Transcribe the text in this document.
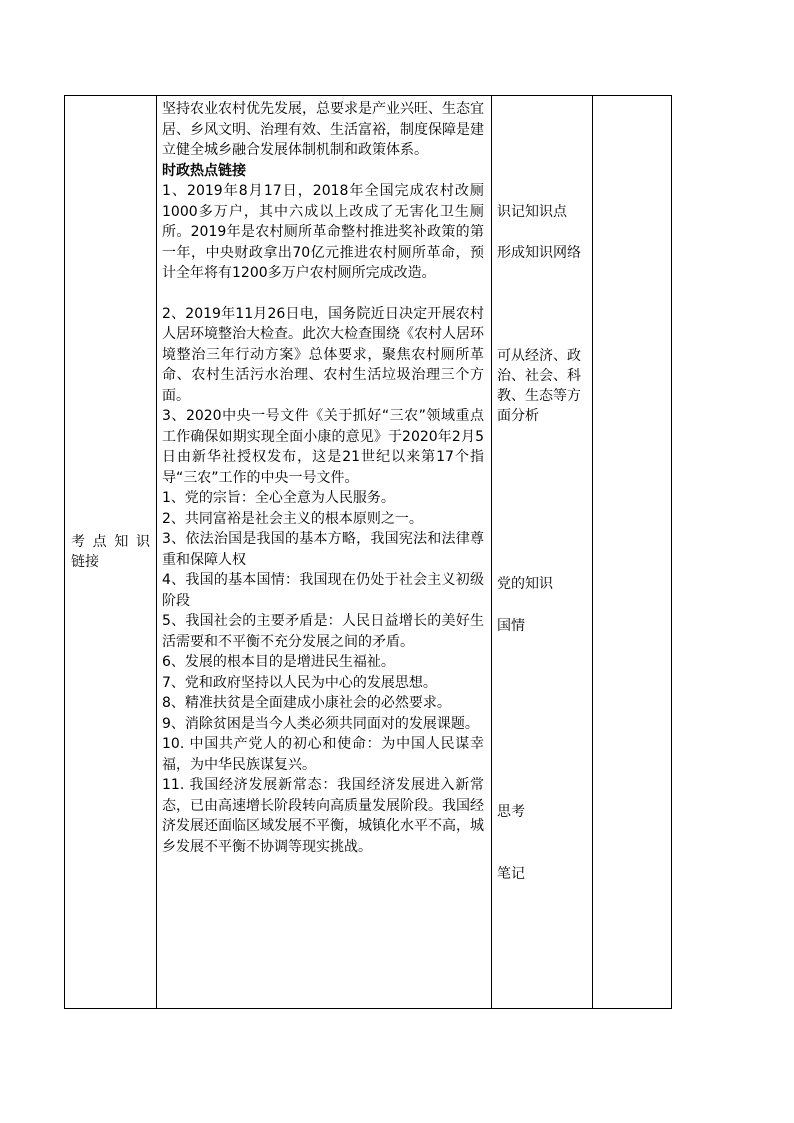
考点知识
链接

坚持农业农村优先发展，总要求是产业兴旺、生态宜居、乡风文明、治理有效、生活富裕，制度保障是建立健全城乡融合发展体制机制和政策体系。

时政热点链接

1、2019年8月17日，2018年全国完成农村改厕1000多万户，其中六成以上改成了无害化卫生厕所。2019年是农村厕所革命整村推进奖补政策的第一年，中央财政拿出70亿元推进农村厕所革命，预计全年将有1200多万户农村厕所完成改造。

2、2019年11月26日电，国务院近日决定开展农村人居环境整治大检查。此次大检查围绕《农村人居环境整治三年行动方案》总体要求，聚焦农村厕所革命、农村生活污水治理、农村生活垃圾治理三个方面。

3、2020中央一号文件《关于抓好“三农”领域重点工作确保如期实现全面小康的意见》于2020年2月5日由新华社授权发布，这是21世纪以来第17个指导“三农”工作的中央一号文件。

1、党的宗旨：全心全意为人民服务。

2、共同富裕是社会主义的根本原则之一。

3、依法治国是我国的基本方略，我国宪法和法律尊重和保障人权

4、我国的基本国情：我国现在仍处于社会主义初级阶段

5、我国社会的主要矛盾是：人民日益增长的美好生活需要和不平衡不充分发展之间的矛盾。

6、发展的根本目的是增进民生福祉。

7、党和政府坚持以人民为中心的发展思想。

8、精准扶贫是全面建成小康社会的必然要求。

9、消除贫困是当今人类必须共同面对的发展课题。

10. 中国共产党人的初心和使命：为中国人民谋幸福，为中华民族谋复兴。

11. 我国经济发展新常态：我国经济发展进入新常态，已由高速增长阶段转向高质量发展阶段。我国经济发展还面临区域发展不平衡，城镇化水平不高，城乡发展不平衡不协调等现实挑战。

识记知识点

形成知识网络

可从经济、政治、社会、科教、生态等方面分析

党的知识

国情

思考

笔记
